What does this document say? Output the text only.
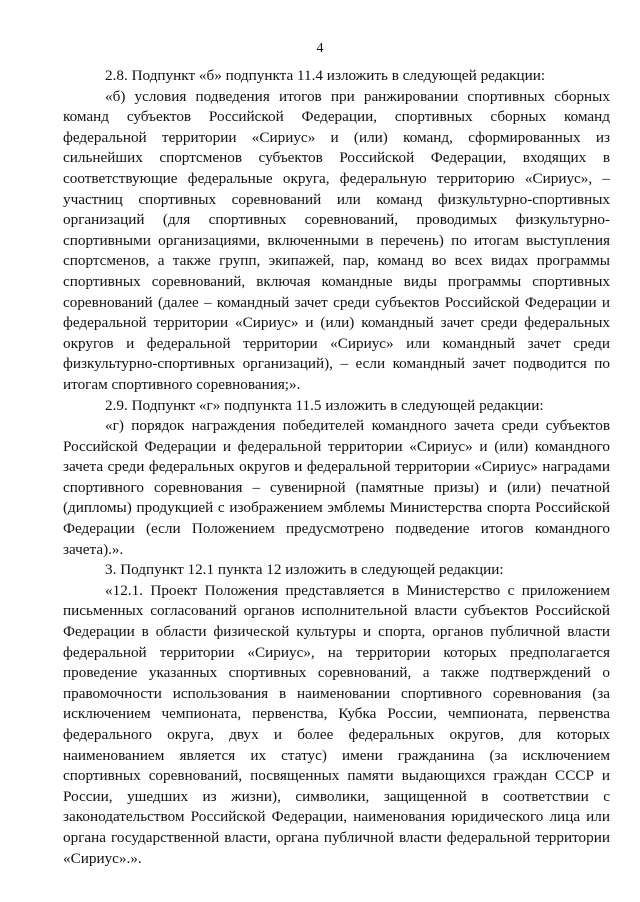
4

2.8. Подпункт «б» подпункта 11.4 изложить в следующей редакции:

«б) условия подведения итогов при ранжировании спортивных сборных команд субъектов Российской Федерации, спортивных сборных команд федеральной территории «Сириус» и (или) команд, сформированных из сильнейших спортсменов субъектов Российской Федерации, входящих в соответствующие федеральные округа, федеральную территорию «Сириус», – участниц спортивных соревнований или команд физкультурно-спортивных организаций (для спортивных соревнований, проводимых физкультурно-спортивными организациями, включенными в перечень) по итогам выступления спортсменов, а также групп, экипажей, пар, команд во всех видах программы спортивных соревнований, включая командные виды программы спортивных соревнований (далее – командный зачет среди субъектов Российской Федерации и федеральной территории «Сириус» и (или) командный зачет среди федеральных округов и федеральной территории «Сириус» или командный зачет среди физкультурно-спортивных организаций), – если командный зачет подводится по итогам спортивного соревнования;».

2.9. Подпункт «г» подпункта 11.5 изложить в следующей редакции:

«г) порядок награждения победителей командного зачета среди субъектов Российской Федерации и федеральной территории «Сириус» и (или) командного зачета среди федеральных округов и федеральной территории «Сириус» наградами спортивного соревнования – сувенирной (памятные призы) и (или) печатной (дипломы) продукцией с изображением эмблемы Министерства спорта Российской Федерации (если Положением предусмотрено подведение итогов командного зачета).».

3. Подпункт 12.1 пункта 12 изложить в следующей редакции:

«12.1. Проект Положения представляется в Министерство с приложением письменных согласований органов исполнительной власти субъектов Российской Федерации в области физической культуры и спорта, органов публичной власти федеральной территории «Сириус», на территории которых предполагается проведение указанных спортивных соревнований, а также подтверждений о правомочности использования в наименовании спортивного соревнования (за исключением чемпионата, первенства, Кубка России, чемпионата, первенства федерального округа, двух и более федеральных округов, для которых наименованием является их статус) имени гражданина (за исключением спортивных соревнований, посвященных памяти выдающихся граждан СССР и России, ушедших из жизни), символики, защищенной в соответствии с законодательством Российской Федерации, наименования юридического лица или органа государственной власти, органа публичной власти федеральной территории «Сириус».».
